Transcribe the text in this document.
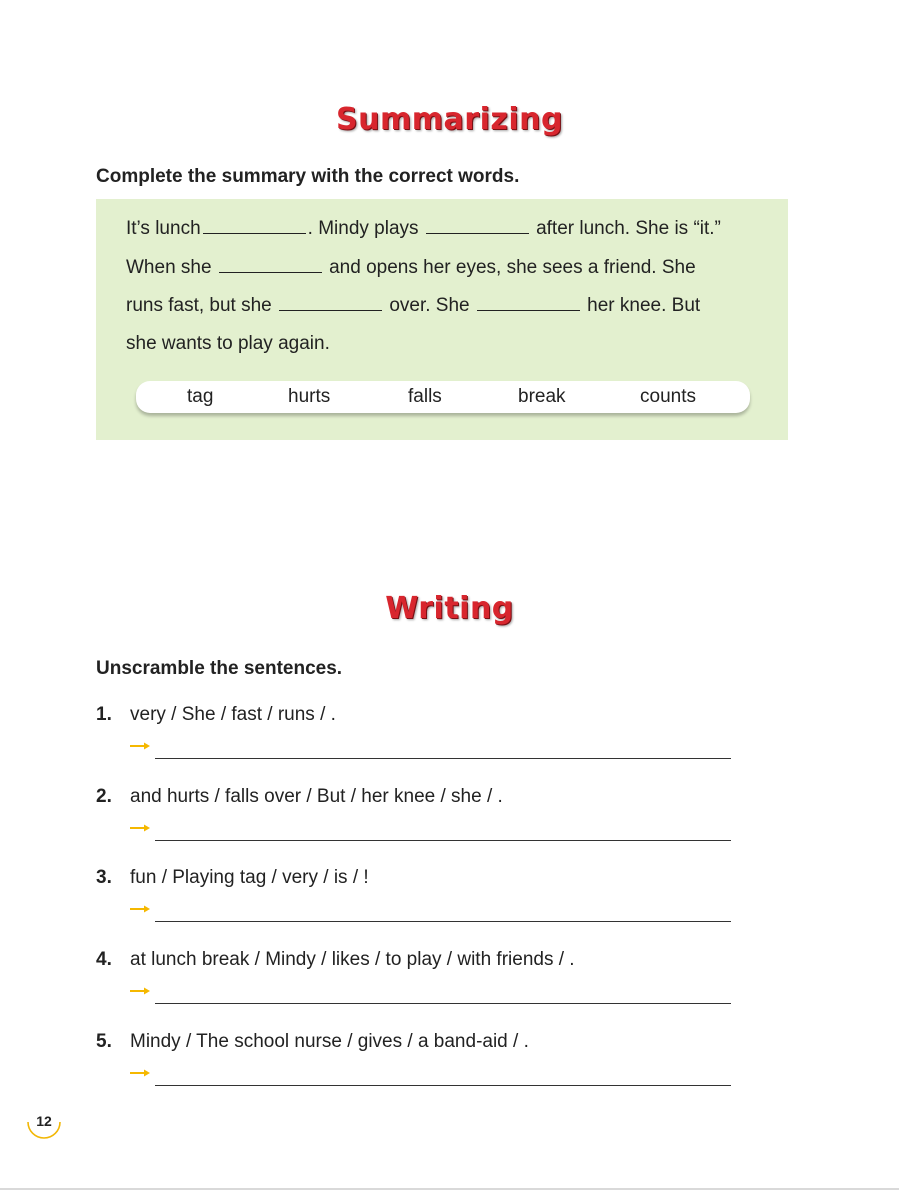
Summarizing
Complete the summary with the correct words.
It’s lunch	. Mindy plays	after lunch. She is “it.”
When she	and opens her eyes, she sees a friend. She
runs fast, but she	over. She	her knee. But
she wants to play again.
tag	hurts	falls	break	counts
Writing
Unscramble the sentences.
1. very / She / fast / runs / .
2. and hurts / falls over / But / her knee / she / .
3. fun / Playing tag / very / is / !
4. at lunch break / Mindy / likes / to play / with friends / .
5. Mindy / The school nurse / gives / a band-aid / .
12
